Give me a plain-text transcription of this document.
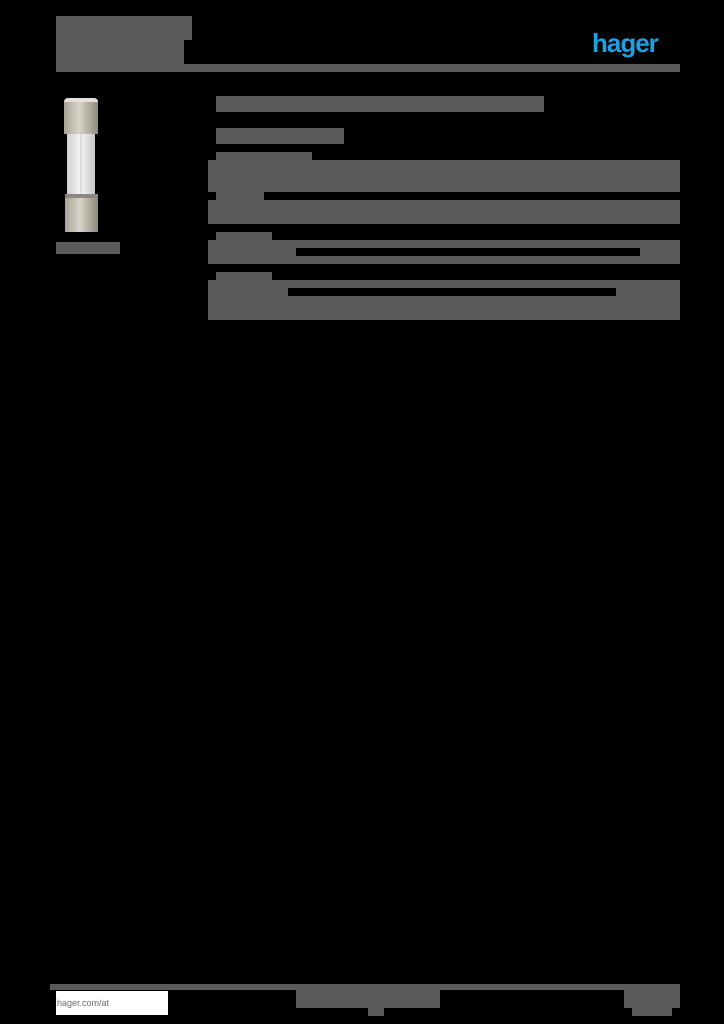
hager
hager.com/at
